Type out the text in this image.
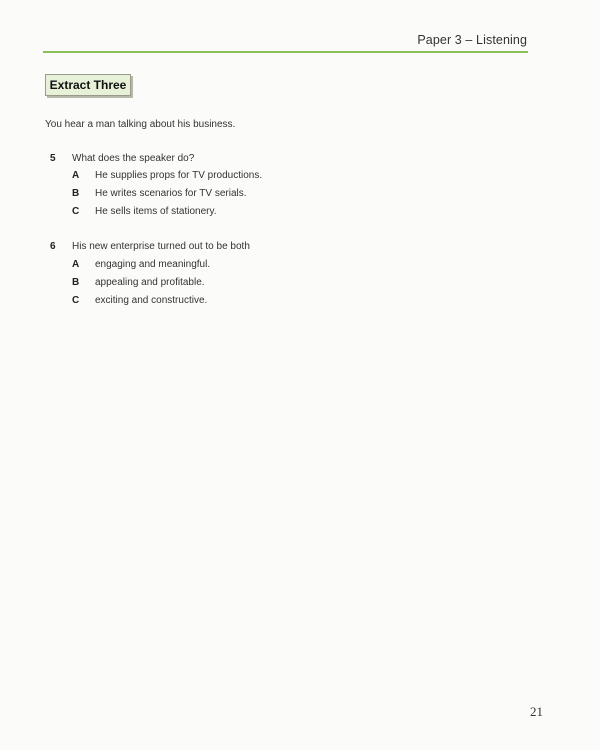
Paper 3 – Listening
Extract Three
You hear a man talking about his business.
5 What does the speaker do?
A He supplies props for TV productions.
B He writes scenarios for TV serials.
C He sells items of stationery.
6 His new enterprise turned out to be both
A engaging and meaningful.
B appealing and profitable.
C exciting and constructive.
21
